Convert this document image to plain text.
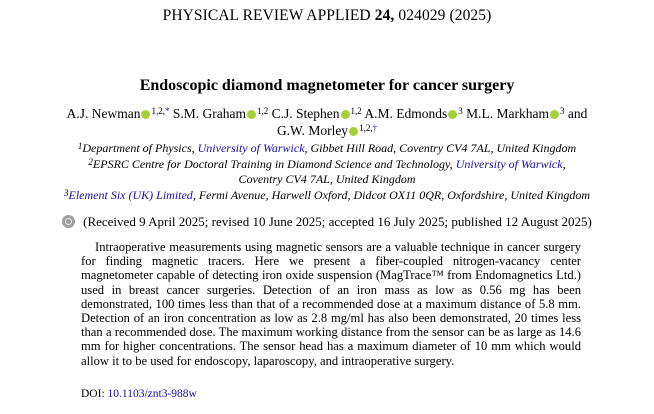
PHYSICAL REVIEW APPLIED 24, 024029 (2025)
Endoscopic diamond magnetometer for cancer surgery
A.J. Newman $^{1,2,*}$ S.M. Graham $^{1,2}$ C.J. Stephen $^{1,2}$ A.M. Edmonds $^3$ M.L. Markham $^3$ and
G.W. Morley $^{1,2,\dagger}$
$^1$Department of Physics, University of Warwick, Gibbet Hill Road, Coventry CV4 7AL, United Kingdom
$^2$EPSRC Centre for Doctoral Training in Diamond Science and Technology, University of Warwick,
Coventry CV4 7AL, United Kingdom
$^3$Element Six (UK) Limited, Fermi Avenue, Harwell Oxford, Didcot OX11 0QR, Oxfordshire, United Kingdom
(Received 9 April 2025; revised 10 June 2025; accepted 16 July 2025; published 12 August 2025)
Intraoperative measurements using magnetic sensors are a valuable technique in cancer surgery for finding magnetic tracers. Here we present a fiber-coupled nitrogen-vacancy center magnetometer capable of detecting iron oxide suspension (MagTrace™ from Endomagnetics Ltd.) used in breast cancer surgeries. Detection of an iron mass as low as 0.56 mg has been demonstrated, 100 times less than that of a recommended dose at a maximum distance of 5.8 mm. Detection of an iron concentration as low as 2.8 mg/ml has also been demonstrated, 20 times less than a recommended dose. The maximum working distance from the sensor can be as large as 14.6 mm for higher concentrations. The sensor head has a maximum diameter of 10 mm which would allow it to be used for endoscopy, laparoscopy, and intraoperative surgery.
DOI: 10.1103/znt3-988w
